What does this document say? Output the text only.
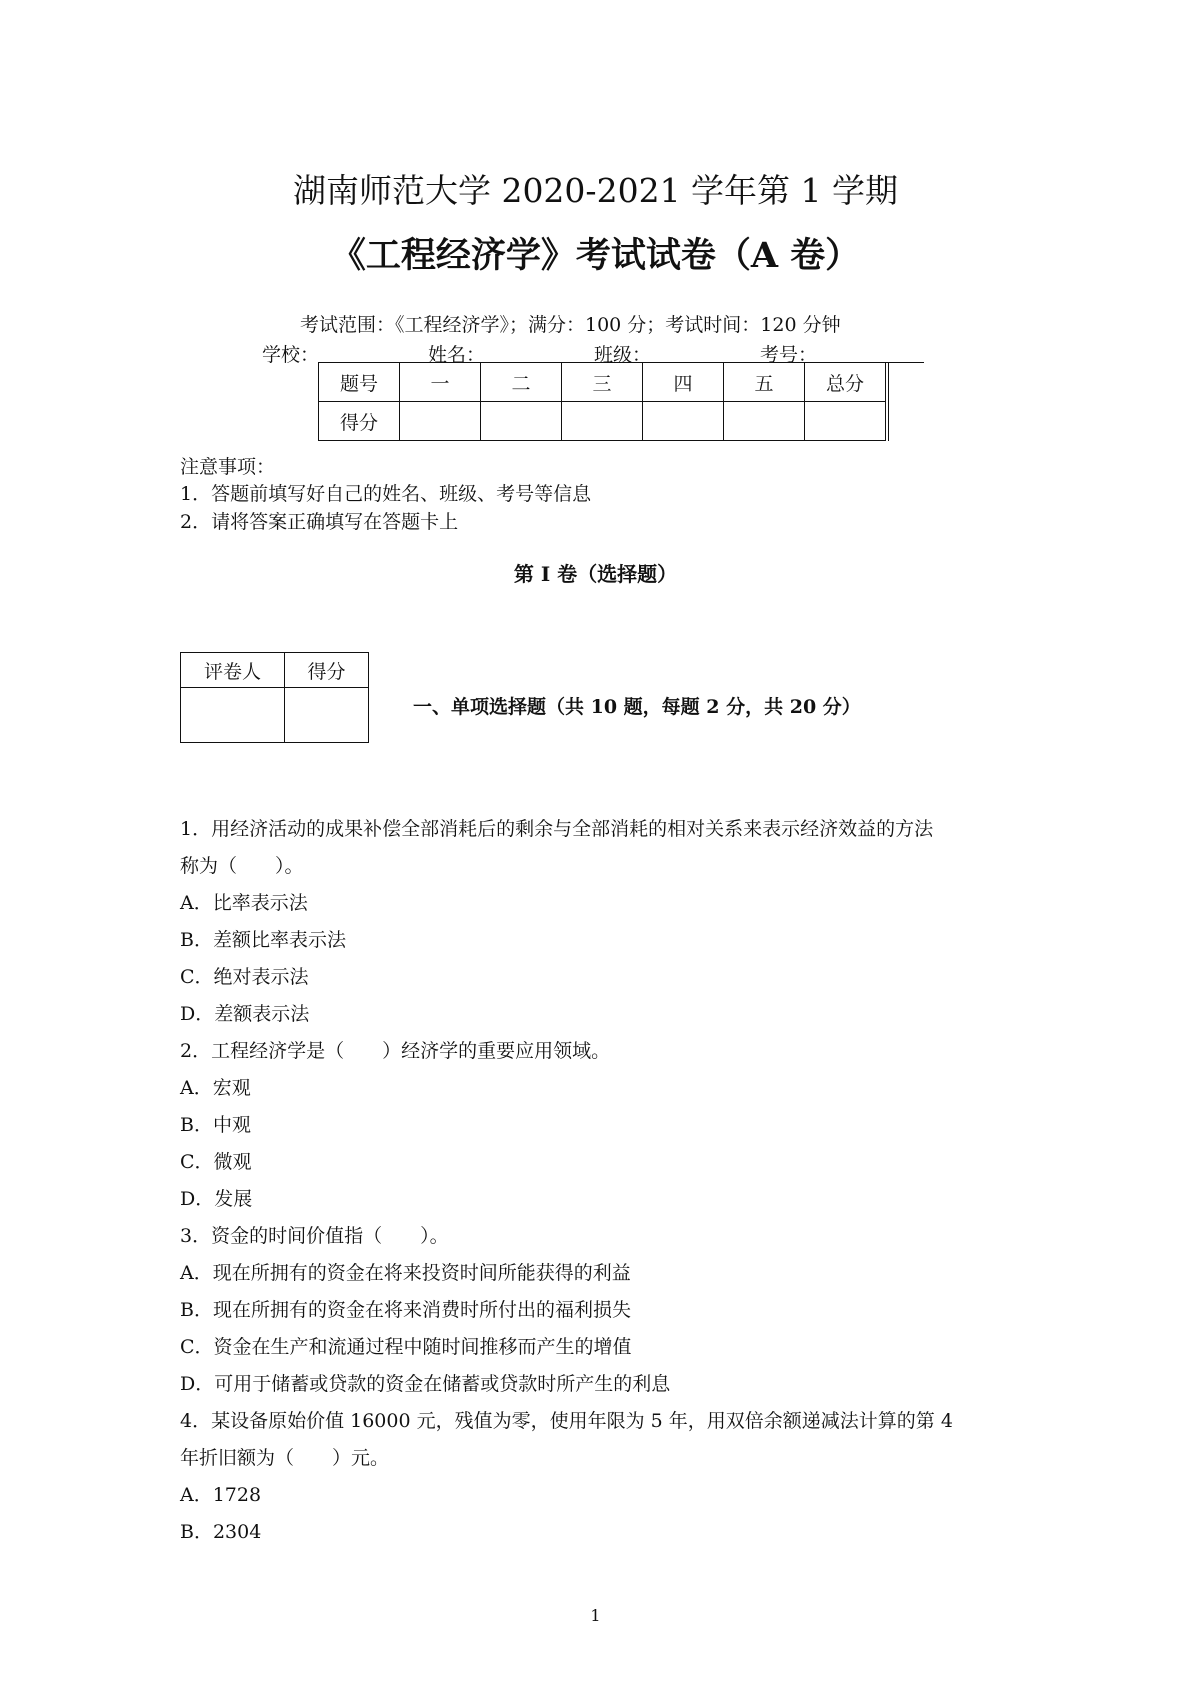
湖南师范大学 2020-2021 学年第 1 学期
《工程经济学》考试试卷（A 卷）
考试范围：《工程经济学》；满分：100 分；考试时间：120 分钟
学校：	姓名：	班级：	考号：
题号	一	二	三	四	五	总分
得分						
注意事项：
1．答题前填写好自己的姓名、班级、考号等信息
2．请将答案正确填写在答题卡上
第 I 卷（选择题）
评卷人	得分

一、单项选择题（共 10 题，每题 2 分，共 20 分）
1．用经济活动的成果补偿全部消耗后的剩余与全部消耗的相对关系来表示经济效益的方法
称为（　　）。
A．比率表示法
B．差额比率表示法
C．绝对表示法
D．差额表示法
2．工程经济学是（　　）经济学的重要应用领域。
A．宏观
B．中观
C．微观
D．发展
3．资金的时间价值指（　　）。
A．现在所拥有的资金在将来投资时间所能获得的利益
B．现在所拥有的资金在将来消费时所付出的福利损失
C．资金在生产和流通过程中随时间推移而产生的增值
D．可用于储蓄或贷款的资金在储蓄或贷款时所产生的利息
4．某设备原始价值 16000 元，残值为零，使用年限为 5 年，用双倍余额递减法计算的第 4
年折旧额为（　　）元。
A．1728
B．2304
1
